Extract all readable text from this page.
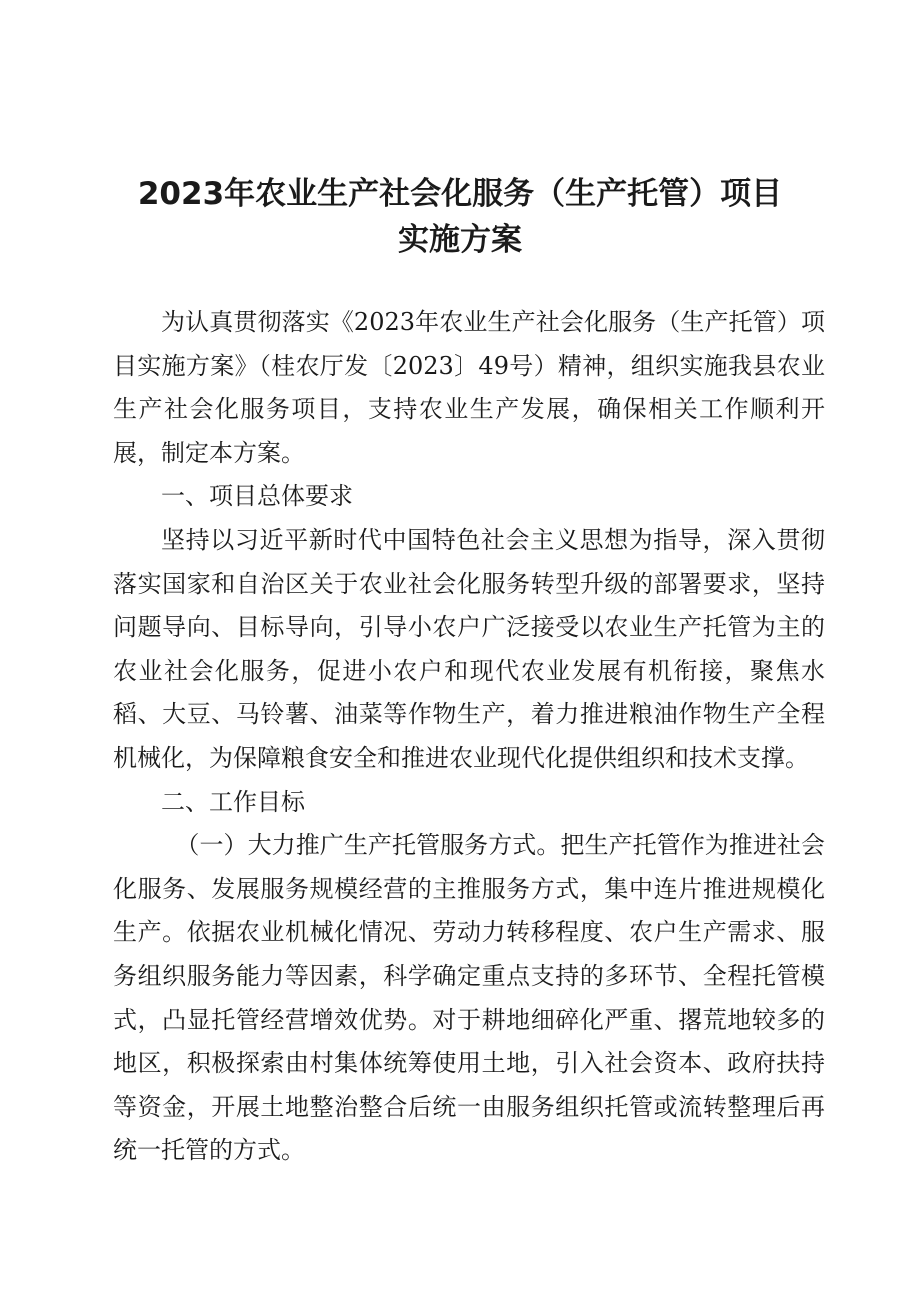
2023年农业生产社会化服务（生产托管）项目
实施方案

为认真贯彻落实《2023年农业生产社会化服务（生产托管）项目实施方案》（桂农厅发〔2023〕49号）精神，组织实施我县农业生产社会化服务项目，支持农业生产发展，确保相关工作顺利开展，制定本方案。

一、项目总体要求

坚持以习近平新时代中国特色社会主义思想为指导，深入贯彻落实国家和自治区关于农业社会化服务转型升级的部署要求，坚持问题导向、目标导向，引导小农户广泛接受以农业生产托管为主的农业社会化服务，促进小农户和现代农业发展有机衔接，聚焦水稻、大豆、马铃薯、油菜等作物生产，着力推进粮油作物生产全程机械化，为保障粮食安全和推进农业现代化提供组织和技术支撑。

二、工作目标

（一）大力推广生产托管服务方式。把生产托管作为推进社会化服务、发展服务规模经营的主推服务方式，集中连片推进规模化生产。依据农业机械化情况、劳动力转移程度、农户生产需求、服务组织服务能力等因素，科学确定重点支持的多环节、全程托管模式，凸显托管经营增效优势。对于耕地细碎化严重、撂荒地较多的地区，积极探索由村集体统筹使用土地，引入社会资本、政府扶持等资金，开展土地整治整合后统一由服务组织托管或流转整理后再统一托管的方式。
